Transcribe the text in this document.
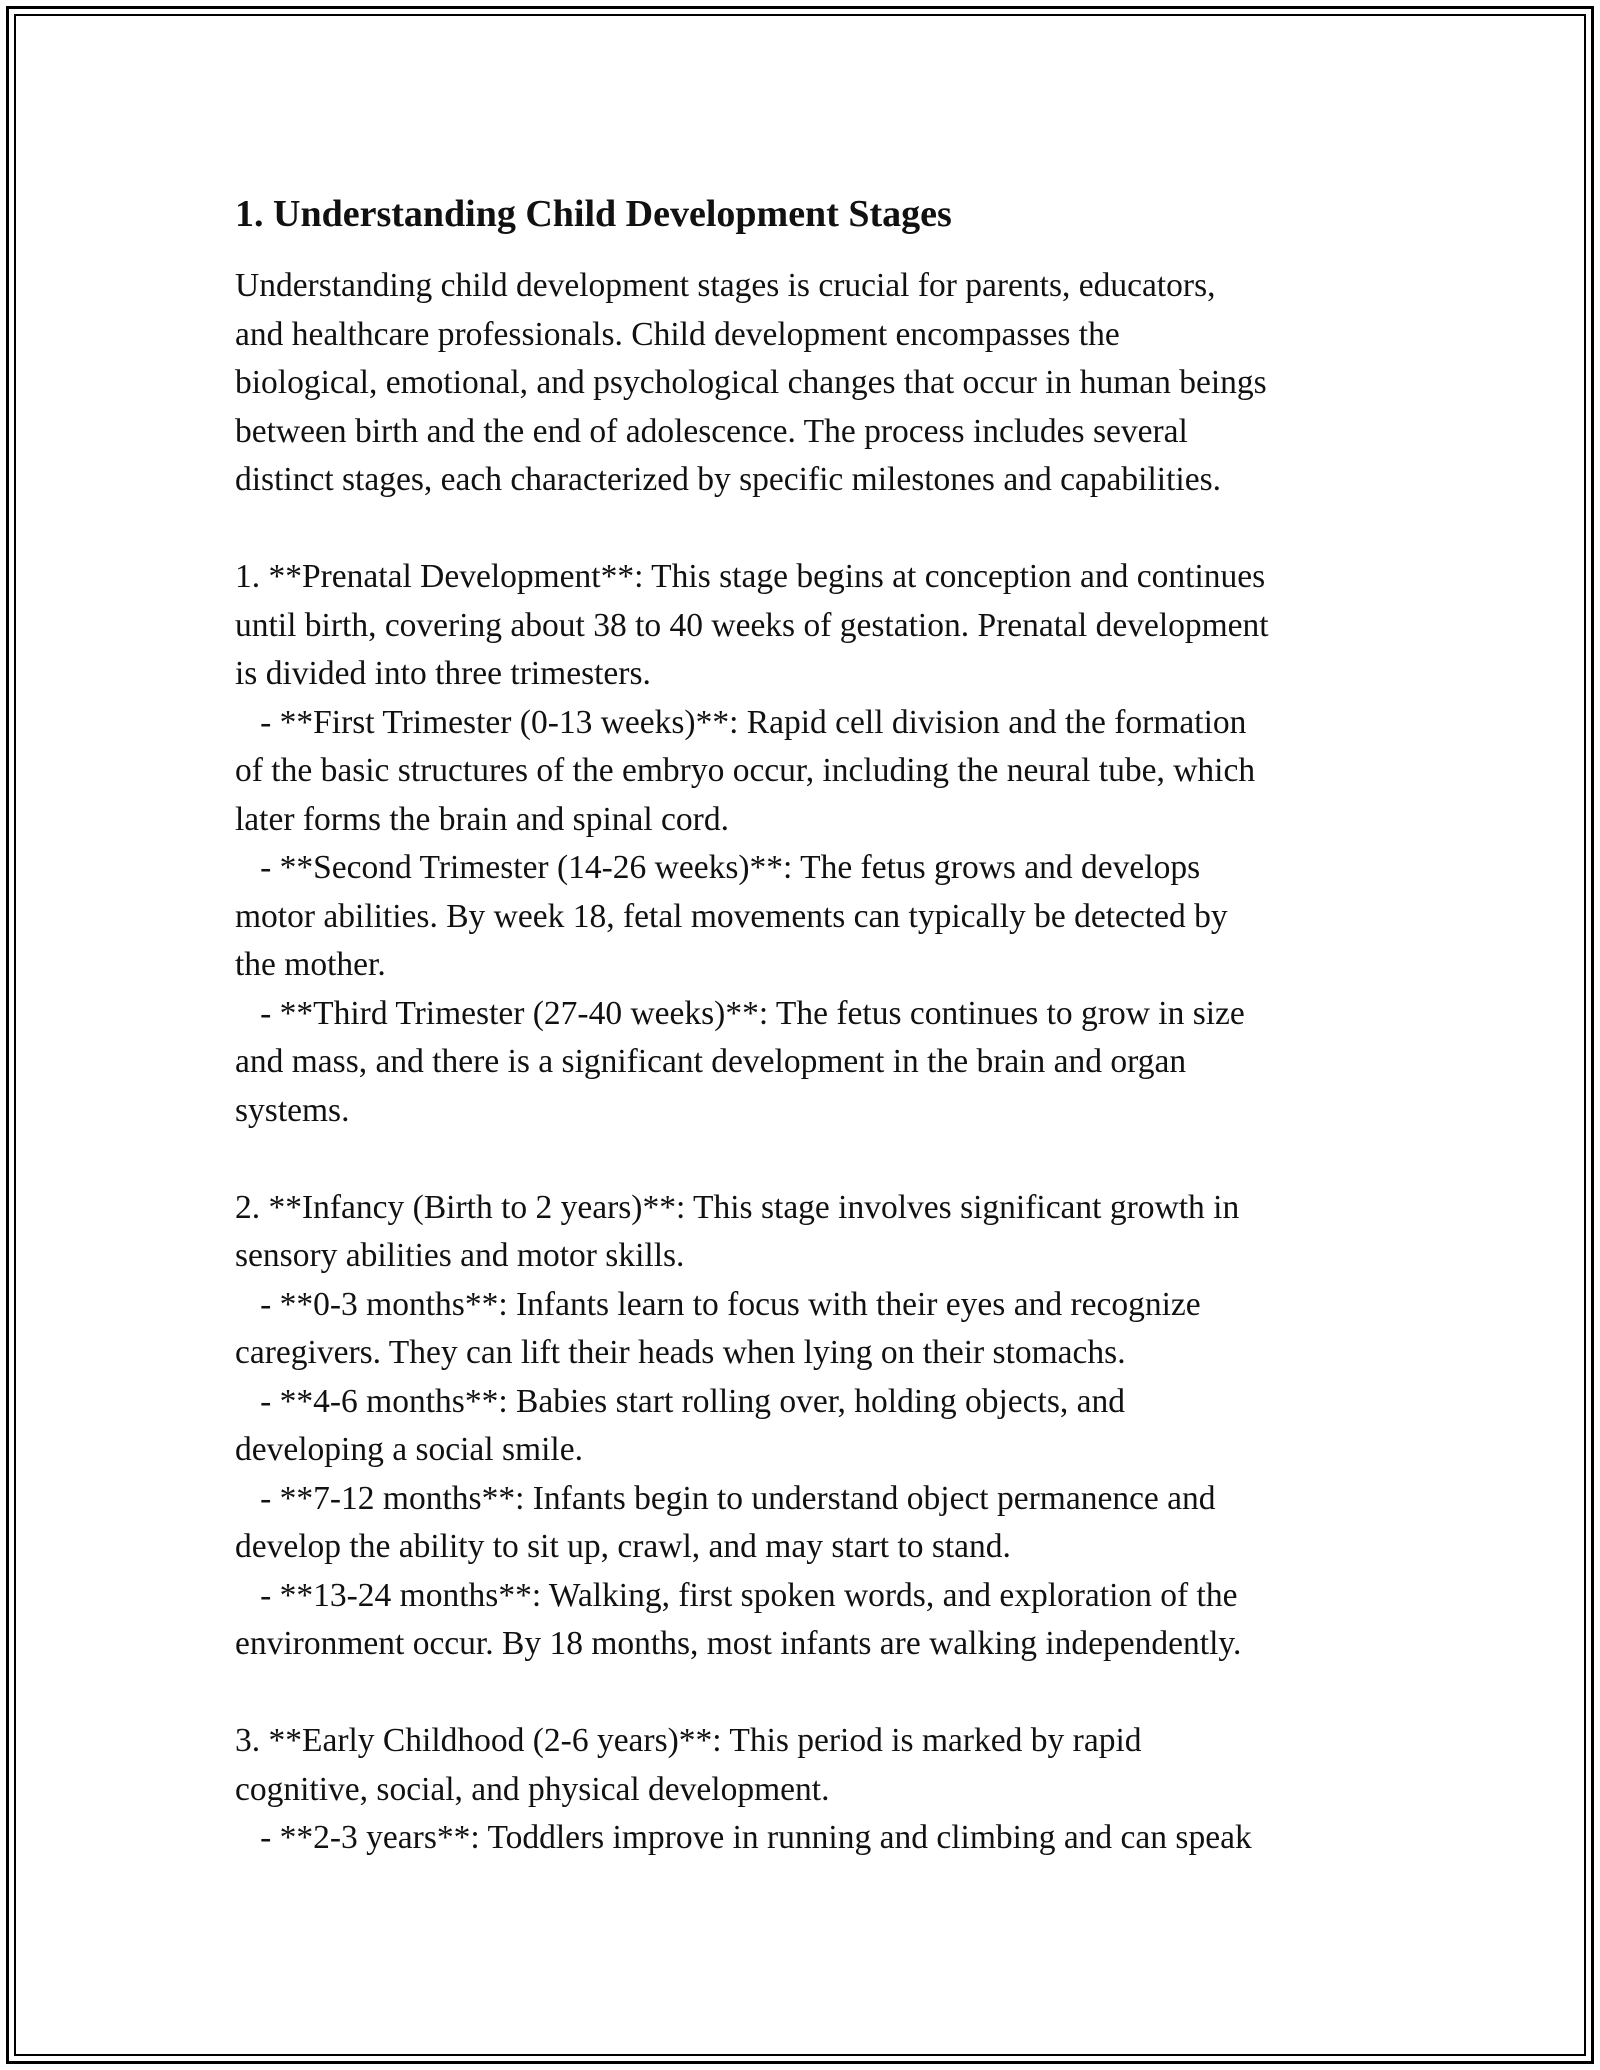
1. Understanding Child Development Stages
Understanding child development stages is crucial for parents, educators,
and healthcare professionals. Child development encompasses the
biological, emotional, and psychological changes that occur in human beings
between birth and the end of adolescence. The process includes several
distinct stages, each characterized by specific milestones and capabilities.
1. **Prenatal Development**: This stage begins at conception and continues
until birth, covering about 38 to 40 weeks of gestation. Prenatal development
is divided into three trimesters.
- **First Trimester (0-13 weeks)**: Rapid cell division and the formation
of the basic structures of the embryo occur, including the neural tube, which
later forms the brain and spinal cord.
- **Second Trimester (14-26 weeks)**: The fetus grows and develops
motor abilities. By week 18, fetal movements can typically be detected by
the mother.
- **Third Trimester (27-40 weeks)**: The fetus continues to grow in size
and mass, and there is a significant development in the brain and organ
systems.
2. **Infancy (Birth to 2 years)**: This stage involves significant growth in
sensory abilities and motor skills.
- **0-3 months**: Infants learn to focus with their eyes and recognize
caregivers. They can lift their heads when lying on their stomachs.
- **4-6 months**: Babies start rolling over, holding objects, and
developing a social smile.
- **7-12 months**: Infants begin to understand object permanence and
develop the ability to sit up, crawl, and may start to stand.
- **13-24 months**: Walking, first spoken words, and exploration of the
environment occur. By 18 months, most infants are walking independently.
3. **Early Childhood (2-6 years)**: This period is marked by rapid
cognitive, social, and physical development.
- **2-3 years**: Toddlers improve in running and climbing and can speak
